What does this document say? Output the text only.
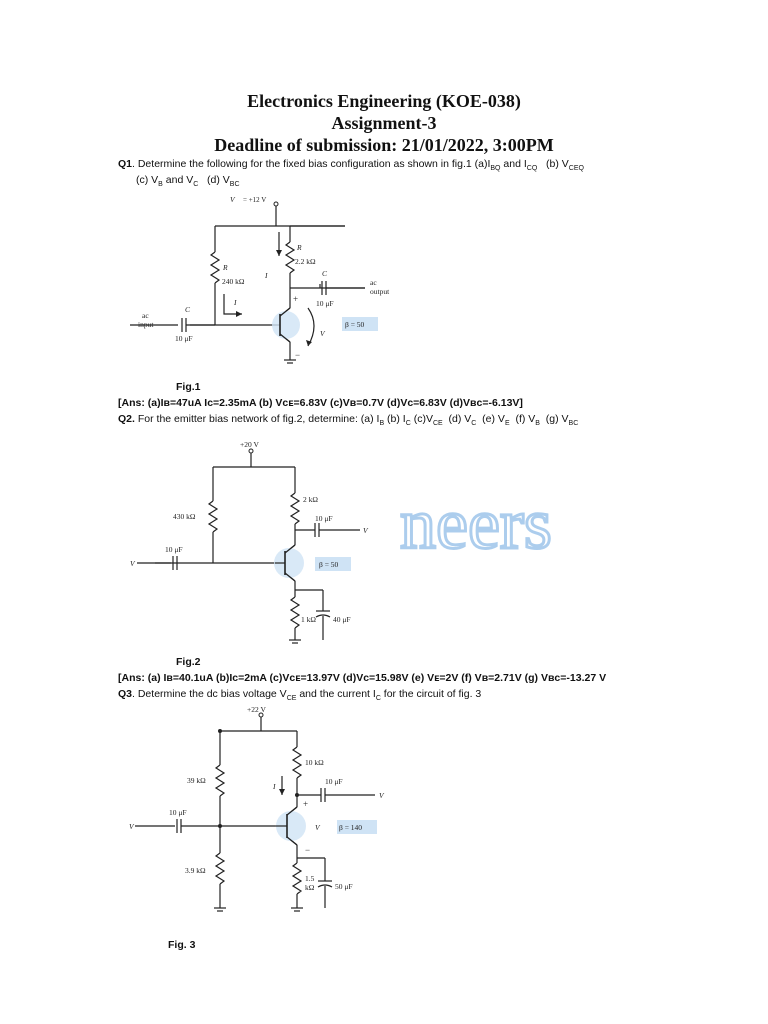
Electronics Engineering (KOE-038)
Assignment-3
Deadline of submission: 21/01/2022, 3:00PM
Q1. Determine the following for the fixed bias configuration as shown in fig.1 $(a)I_{BQ}$ and $I_{CQ}$   (b) $V_{CEQ}$
(c) $V_B$ and $V_C$   (d) $V_{BC}$
V = +12 V
R
240 kΩ
R
2.2 kΩ
C
10 μF
C
10 μF
ac
input
ac
output
I
I
V
β = 50
+
−
Fig.1
[Ans: (a)Iʙ=47uA Ic=2.35mA (b) Vᴄᴇ=6.83V (c)Vʙ=0.7V (d)Vᴄ=6.83V (d)Vʙᴄ=-6.13V]
Q2. For the emitter bias network of fig.2, determine: (a) $I_B$ (b) $I_C$ $(c)V_{CE}$  (d) $V_C$  (e) $V_E$  (f) $V_B$  (g) $V_{BC}$
+20 V
430 kΩ
2 kΩ
10 μF
10 μF
V
V	β = 50
1 kΩ 40 μF
neers
Fig.2
[Ans: (a) Iʙ=40.1uA (b)Iᴄ=2mA (c)Vᴄᴇ=13.97V (d)Vᴄ=15.98V (e) Vᴇ=2V (f) Vʙ=2.71V (g) Vʙᴄ=-13.27 V
Q3. Determine the dc bias voltage $V_{CE}$ and the current $I_C$ for the circuit of fig. 3
+22 V
39 kΩ
3.9 kΩ
10 kΩ
10 μF
10 μF
V
V
I
V	β = 140
1.5
kΩ	50 μF
+
−
Fig. 3
